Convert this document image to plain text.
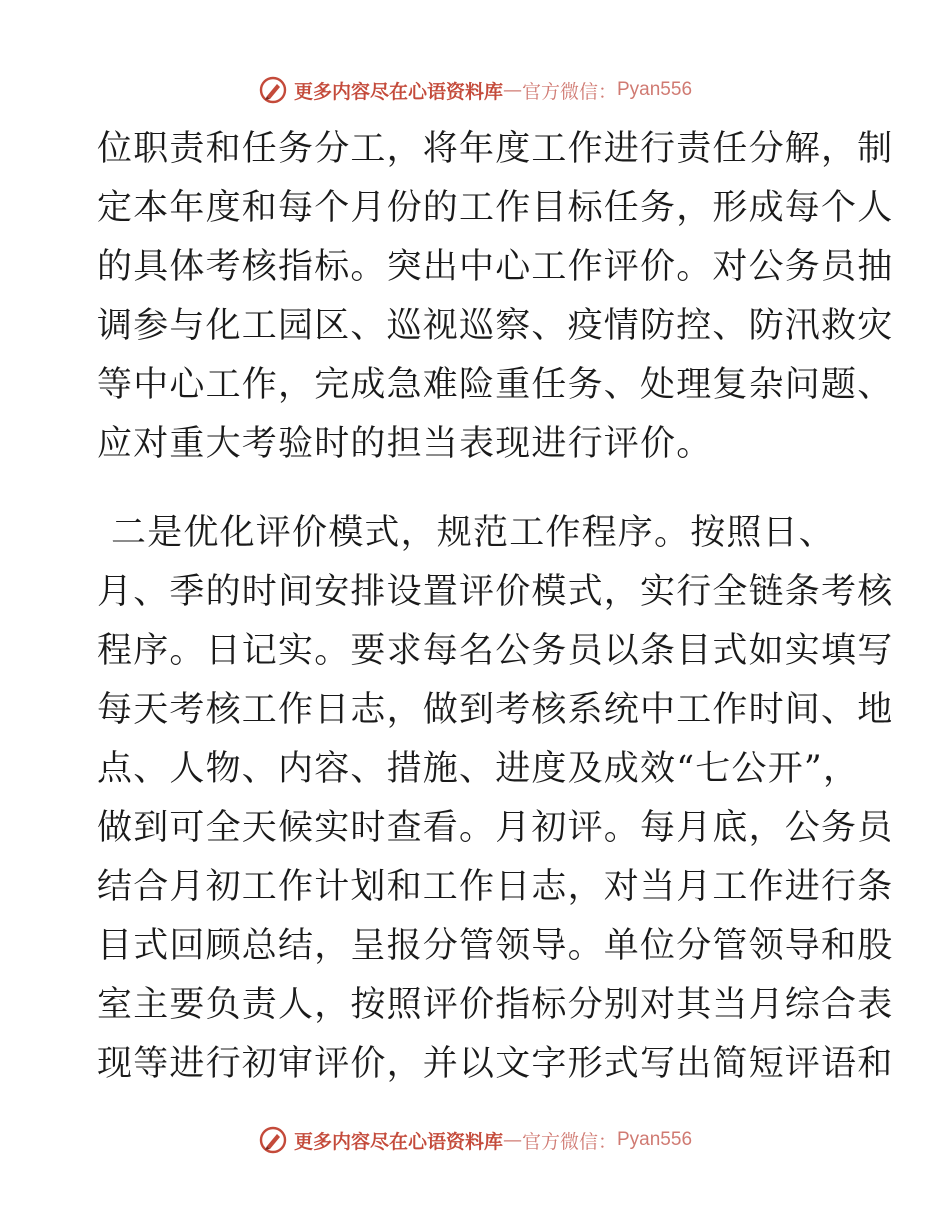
更多内容尽在心语资料库 — 官方微信： Pyan556
位职责和任务分工，将年度工作进行责任分解，制
定本年度和每个月份的工作目标任务，形成每个人
的具体考核指标。突出中心工作评价。对公务员抽
调参与化工园区、巡视巡察、疫情防控、防汛救灾
等中心工作，完成急难险重任务、处理复杂问题、
应对重大考验时的担当表现进行评价。
二是优化评价模式，规范工作程序。按照日、
月、季的时间安排设置评价模式，实行全链条考核
程序。日记实。要求每名公务员以条目式如实填写
每天考核工作日志，做到考核系统中工作时间、地
点、人物、内容、措施、进度及成效“七公开”，
做到可全天候实时查看。月初评。每月底，公务员
结合月初工作计划和工作日志，对当月工作进行条
目式回顾总结，呈报分管领导。单位分管领导和股
室主要负责人，按照评价指标分别对其当月综合表
现等进行初审评价，并以文字形式写出简短评语和
更多内容尽在心语资料库 — 官方微信： Pyan556
